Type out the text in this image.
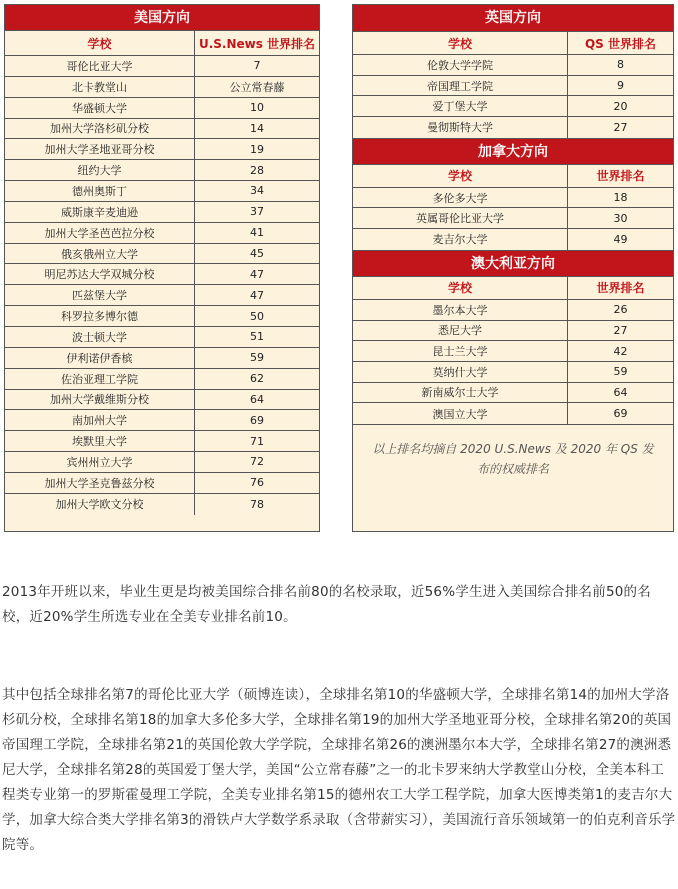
美国方向
学校	U.S.News 世界排名
哥伦比亚大学	7
北卡教堂山	公立常春藤
华盛顿大学	10
加州大学洛杉矶分校	14
加州大学圣地亚哥分校	19
纽约大学	28
德州奥斯丁	34
威斯康辛麦迪逊	37
加州大学圣芭芭拉分校	41
俄亥俄州立大学	45
明尼苏达大学双城分校	47
匹兹堡大学	47
科罗拉多博尔德	50
波士顿大学	51
伊利诺伊香槟	59
佐治亚理工学院	62
加州大学戴维斯分校	64
南加州大学	69
埃默里大学	71
宾州州立大学	72
加州大学圣克鲁兹分校	76
加州大学欧文分校	78
英国方向
学校	QS 世界排名
伦敦大学学院	8
帝国理工学院	9
爱丁堡大学	20
曼彻斯特大学	27
加拿大方向
学校	世界排名
多伦多大学	18
英属哥伦比亚大学	30
麦吉尔大学	49
澳大利亚方向
学校	世界排名
墨尔本大学	26
悉尼大学	27
昆士兰大学	42
莫纳什大学	59
新南威尔士大学	64
澳国立大学	69
以上排名均摘自 2020 U.S.News 及 2020 年 QS 发布的权威排名
2013年开班以来，毕业生更是均被美国综合排名前80的名校录取，近56%学生进入美国综合排名前50的名校，近20%学生所选专业在全美专业排名前10。
其中包括全球排名第7的哥伦比亚大学（硕博连读），全球排名第10的华盛顿大学，全球排名第14的加州大学洛杉矶分校，全球排名第18的加拿大多伦多大学，全球排名第19的加州大学圣地亚哥分校，全球排名第20的英国帝国理工学院，全球排名第21的英国伦敦大学学院，全球排名第26的澳洲墨尔本大学，全球排名第27的澳洲悉尼大学，全球排名第28的英国爱丁堡大学，美国“公立常春藤”之一的北卡罗来纳大学教堂山分校，全美本科工程类专业第一的罗斯霍曼理工学院，全美专业排名第15的德州农工大学工程学院，加拿大医博类第1的麦吉尔大学，加拿大综合类大学排名第3的滑铁卢大学数学系录取（含带薪实习），美国流行音乐领域第一的伯克利音乐学院等。
